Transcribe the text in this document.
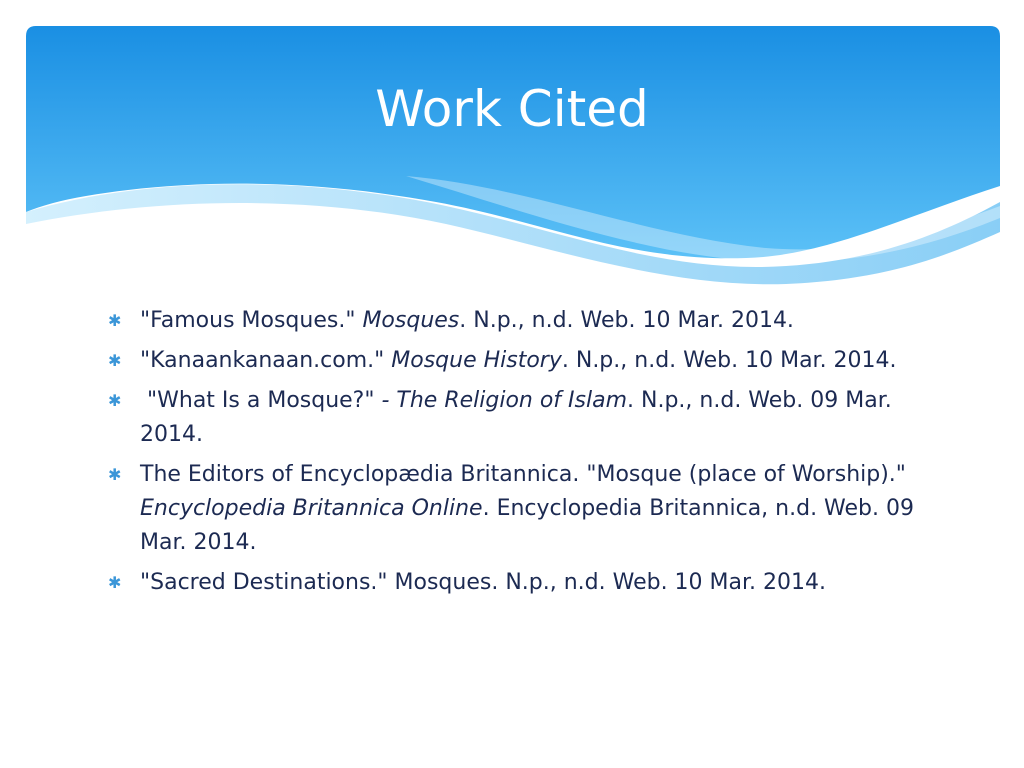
Work Cited
✱ "Famous Mosques." Mosques. N.p., n.d. Web. 10 Mar. 2014.
✱ "Kanaankanaan.com." Mosque History. N.p., n.d. Web. 10 Mar. 2014.
✱ "What Is a Mosque?" - The Religion of Islam. N.p., n.d. Web. 09 Mar. 2014.
✱ The Editors of Encyclopædia Britannica. "Mosque (place of Worship)." Encyclopedia Britannica Online. Encyclopedia Britannica, n.d. Web. 09 Mar. 2014.
✱ "Sacred Destinations." Mosques. N.p., n.d. Web. 10 Mar. 2014.
